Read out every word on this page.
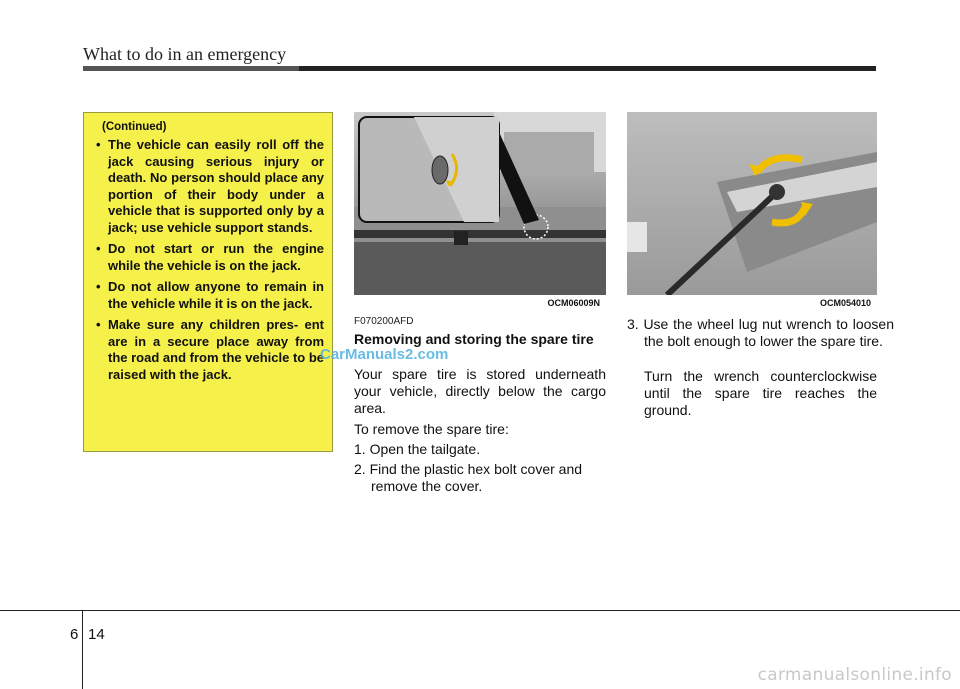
What to do in an emergency
(Continued)
• The vehicle can easily roll off the jack causing serious injury or death. No person should place any portion of their body under a vehicle that is supported only by a jack; use vehicle support stands.
• Do not start or run the engine while the vehicle is on the jack.
• Do not allow anyone to remain in the vehicle while it is on the jack.
• Make sure any children pres- ent are in a secure place away from the road and from the vehicle to be raised with the jack.
OCM06009N	OCM054010
F070200AFD
Removing and storing the spare tire
Your spare tire is stored underneath your vehicle, directly below the cargo area.
To remove the spare tire:
1. Open the tailgate.
2. Find the plastic hex bolt cover and remove the cover.
3. Use the wheel lug nut wrench to loosen the bolt enough to lower the spare tire.
Turn the wrench counterclockwise until the spare tire reaches the ground.
CarManuals2.com
6 14
carmanualsonline.info
